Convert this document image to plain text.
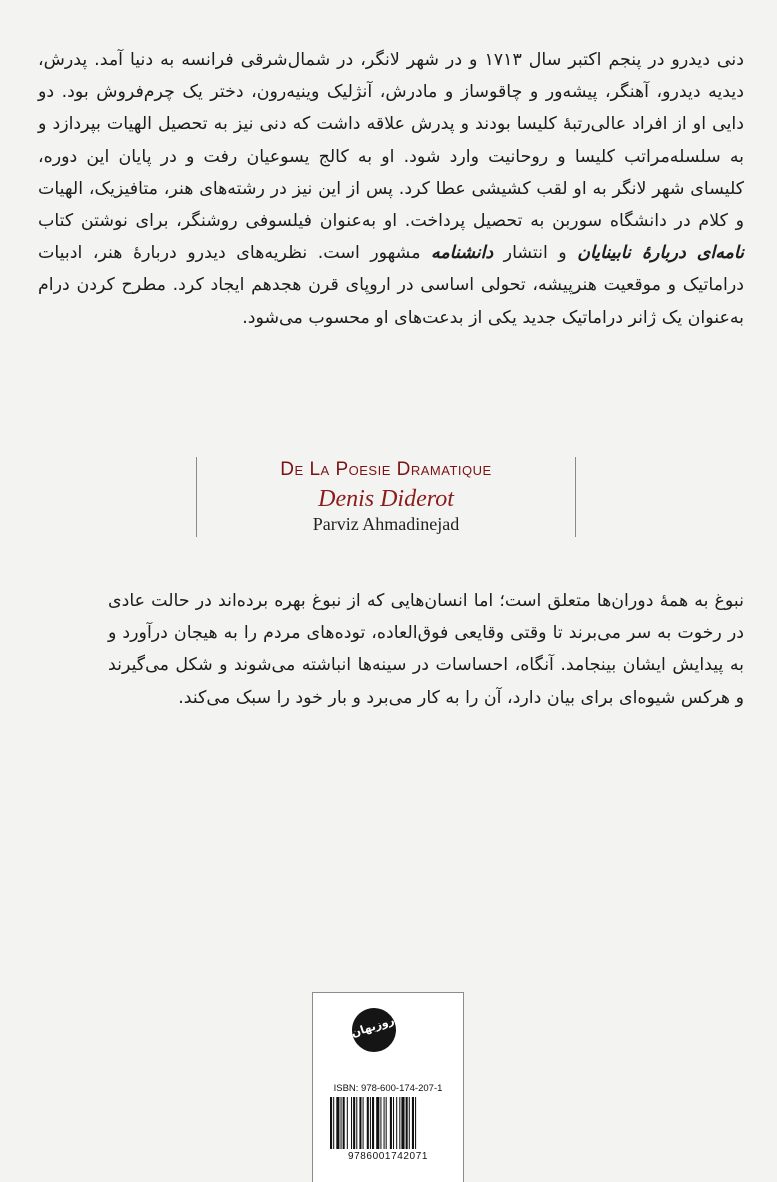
دنی دیدرو در پنجم اکتبر سال ۱۷۱۳ و در شهر لانگر، در شمال‌شرقی فرانسه به دنیا آمد. پدرش، دیدیه دیدرو، آهنگر، پیشه‌ور و چاقوساز و مادرش، آنژلیک وینیه‌رون، دختر یک چرم‌فروش بود. دو دایی او از افراد عالی‌رتبهٔ کلیسا بودند و پدرش علاقه داشت که دنی نیز به تحصیل الهیات بپردازد و به سلسله‌مراتب کلیسا و روحانیت وارد شود. او به کالج یسوعیان رفت و در پایان این دوره، کلیسای شهر لانگر به او لقب کشیشی عطا کرد. پس از این نیز در رشته‌های هنر، متافیزیک، الهیات و کلام در دانشگاه سوربن به تحصیل پرداخت. او به‌عنوان فیلسوفی روشنگر، برای نوشتن کتاب نامه‌ای دربارهٔ نابینایان و انتشار دانشنامه مشهور است. نظریه‌های دیدرو دربارهٔ هنر، ادبیات دراماتیک و موقعیت هنرپیشه، تحولی اساسی در اروپای قرن هجدهم ایجاد کرد. مطرح کردن درام به‌عنوان یک ژانر دراماتیک جدید یکی از بدعت‌های او محسوب می‌شود.

De La Poesie Dramatique
Denis Diderot
Parviz Ahmadinejad

نبوغ به همهٔ دوران‌ها متعلق است؛ اما انسان‌هایی که از نبوغ بهره برده‌اند در حالت عادی در رخوت به سر می‌برند تا وقتی وقایعی فوق‌العاده، توده‌های مردم را به هیجان درآورد و به پیدایش ایشان بینجامد. آنگاه، احساسات در سینه‌ها انباشته می‌شوند و شکل می‌گیرند و هرکس شیوه‌ای برای بیان دارد، آن را به کار می‌برد و بار خود را سبک می‌کند.

روزبهان
ISBN: 978-600-174-207-1
9786001742071
